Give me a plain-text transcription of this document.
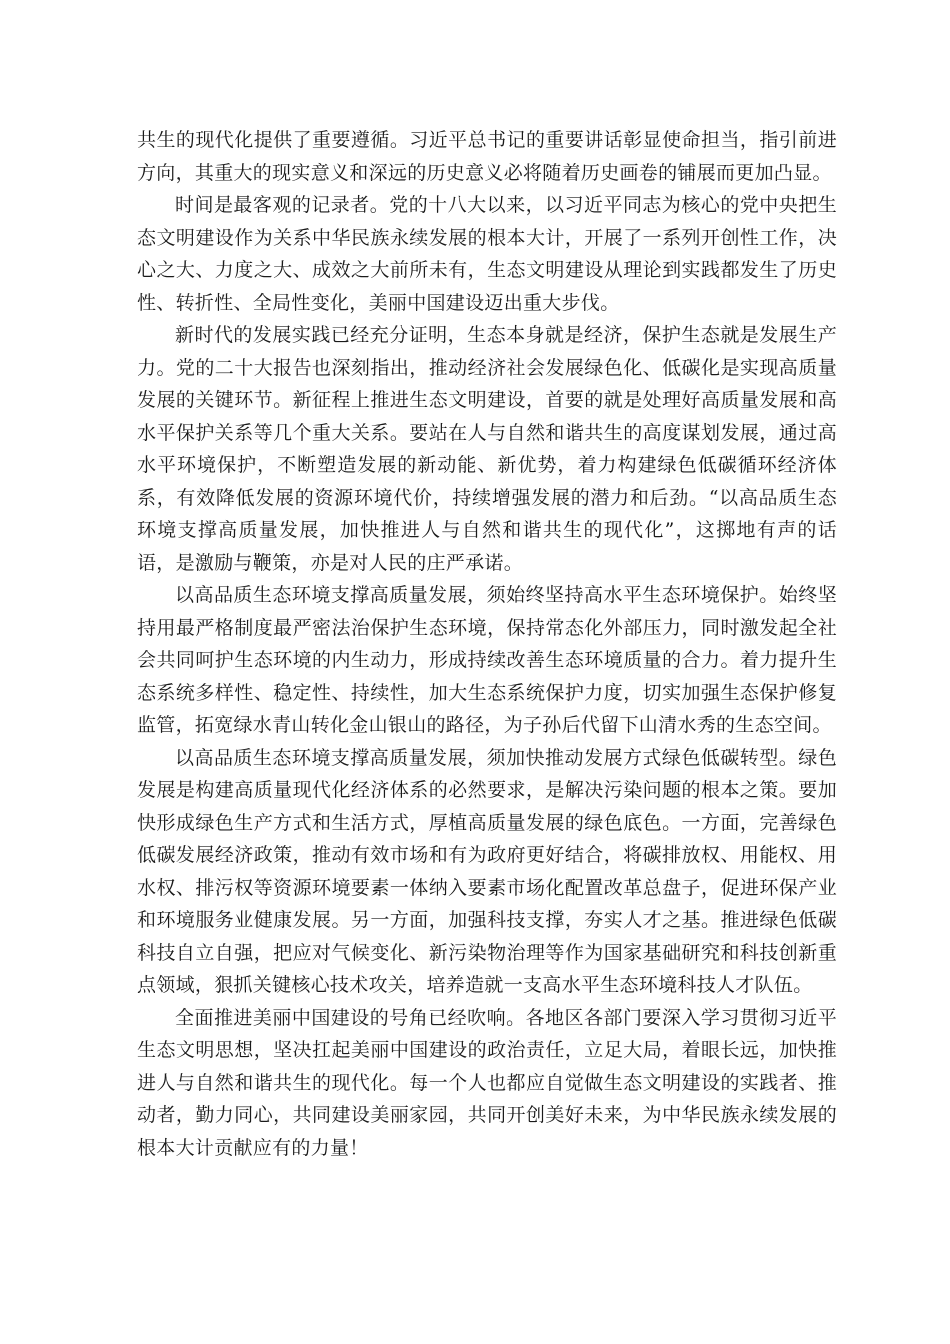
共生的现代化提供了重要遵循。习近平总书记的重要讲话彰显使命担当，指引前进方向，其重大的现实意义和深远的历史意义必将随着历史画卷的铺展而更加凸显。

时间是最客观的记录者。党的十八大以来，以习近平同志为核心的党中央把生态文明建设作为关系中华民族永续发展的根本大计，开展了一系列开创性工作，决心之大、力度之大、成效之大前所未有，生态文明建设从理论到实践都发生了历史性、转折性、全局性变化，美丽中国建设迈出重大步伐。

新时代的发展实践已经充分证明，生态本身就是经济，保护生态就是发展生产力。党的二十大报告也深刻指出，推动经济社会发展绿色化、低碳化是实现高质量发展的关键环节。新征程上推进生态文明建设，首要的就是处理好高质量发展和高水平保护关系等几个重大关系。要站在人与自然和谐共生的高度谋划发展，通过高水平环境保护，不断塑造发展的新动能、新优势，着力构建绿色低碳循环经济体系，有效降低发展的资源环境代价，持续增强发展的潜力和后劲。“以高品质生态环境支撑高质量发展，加快推进人与自然和谐共生的现代化”，这掷地有声的话语，是激励与鞭策，亦是对人民的庄严承诺。

以高品质生态环境支撑高质量发展，须始终坚持高水平生态环境保护。始终坚持用最严格制度最严密法治保护生态环境，保持常态化外部压力，同时激发起全社会共同呵护生态环境的内生动力，形成持续改善生态环境质量的合力。着力提升生态系统多样性、稳定性、持续性，加大生态系统保护力度，切实加强生态保护修复监管，拓宽绿水青山转化金山银山的路径，为子孙后代留下山清水秀的生态空间。

以高品质生态环境支撑高质量发展，须加快推动发展方式绿色低碳转型。绿色发展是构建高质量现代化经济体系的必然要求，是解决污染问题的根本之策。要加快形成绿色生产方式和生活方式，厚植高质量发展的绿色底色。一方面，完善绿色低碳发展经济政策，推动有效市场和有为政府更好结合，将碳排放权、用能权、用水权、排污权等资源环境要素一体纳入要素市场化配置改革总盘子，促进环保产业和环境服务业健康发展。另一方面，加强科技支撑，夯实人才之基。推进绿色低碳科技自立自强，把应对气候变化、新污染物治理等作为国家基础研究和科技创新重点领域，狠抓关键核心技术攻关，培养造就一支高水平生态环境科技人才队伍。

全面推进美丽中国建设的号角已经吹响。各地区各部门要深入学习贯彻习近平生态文明思想，坚决扛起美丽中国建设的政治责任，立足大局，着眼长远，加快推进人与自然和谐共生的现代化。每一个人也都应自觉做生态文明建设的实践者、推动者，勤力同心，共同建设美丽家园，共同开创美好未来，为中华民族永续发展的根本大计贡献应有的力量！
